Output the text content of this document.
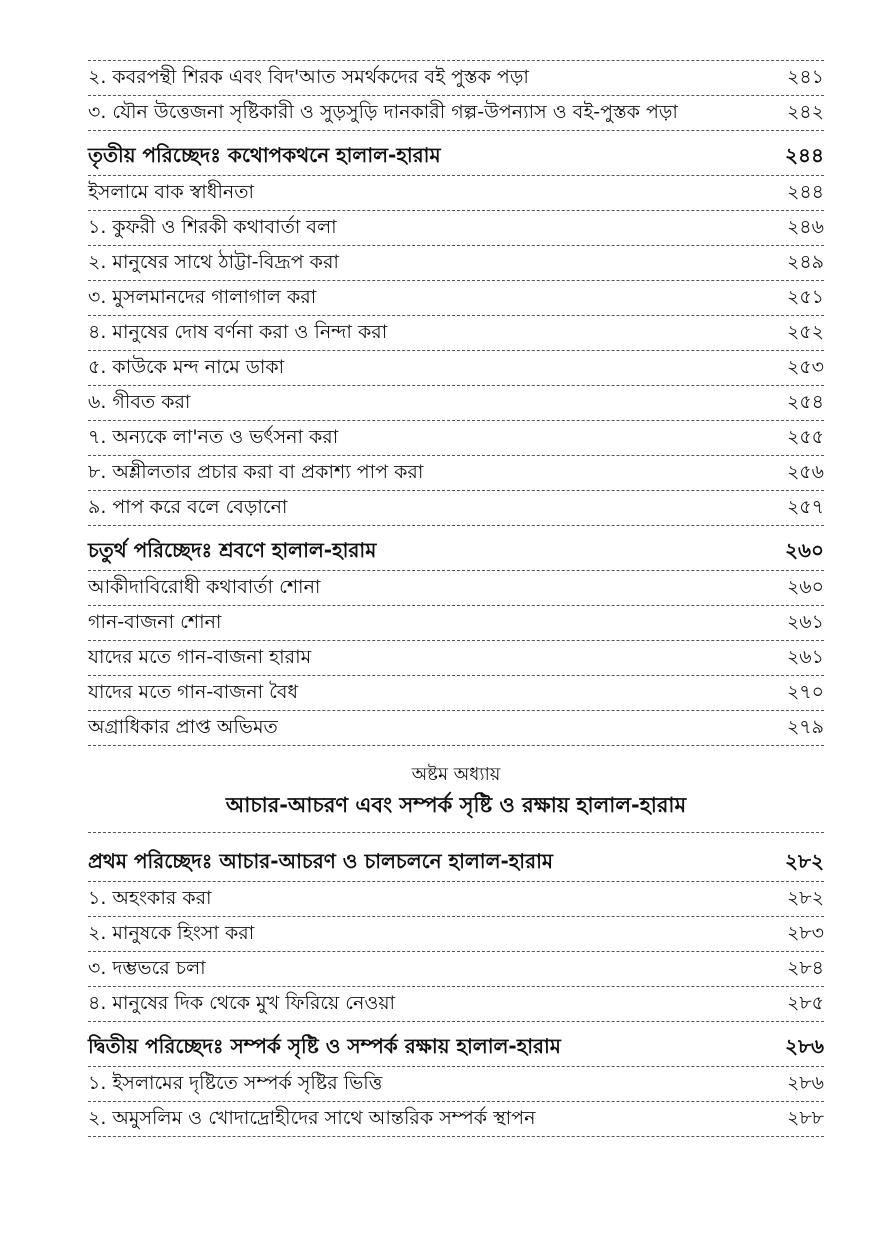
২. কবরপন্থী শিরক এবং বিদ'আত সমর্থকদের বই পুস্তক পড়া	২৪১
৩. যৌন উত্তেজনা সৃষ্টিকারী ও সুড়সুড়ি দানকারী গল্প-উপন্যাস ও বই-পুস্তক পড়া	২৪২
তৃতীয় পরিচ্ছেদঃ কথোপকথনে হালাল-হারাম	২৪৪
ইসলামে বাক স্বাধীনতা	২৪৪
১. কুফরী ও শিরকী কথাবার্তা বলা	২৪৬
২. মানুষের সাথে ঠাট্টা-বিদ্রূপ করা	২৪৯
৩. মুসলমানদের গালাগাল করা	২৫১
৪. মানুষের দোষ বর্ণনা করা ও নিন্দা করা	২৫২
৫. কাউকে মন্দ নামে ডাকা	২৫৩
৬. গীবত করা	২৫৪
৭. অন্যকে লা'নত ও ভর্ৎসনা করা	২৫৫
৮. অশ্লীলতার প্রচার করা বা প্রকাশ্য পাপ করা	২৫৬
৯. পাপ করে বলে বেড়ানো	২৫৭
চতুর্থ পরিচ্ছেদঃ শ্রবণে হালাল-হারাম	২৬০
আকীদাবিরোধী কথাবার্তা শোনা	২৬০
গান-বাজনা শোনা	২৬১
যাদের মতে গান-বাজনা হারাম	২৬১
যাদের মতে গান-বাজনা বৈধ	২৭০
অগ্রাধিকার প্রাপ্ত অভিমত	২৭৯
অষ্টম অধ্যায়
আচার-আচরণ এবং সম্পর্ক সৃষ্টি ও রক্ষায় হালাল-হারাম
প্রথম পরিচ্ছেদঃ আচার-আচরণ ও চালচলনে হালাল-হারাম	২৮২
১. অহংকার করা	২৮২
২. মানুষকে হিংসা করা	২৮৩
৩. দম্ভভরে চলা	২৮৪
৪. মানুষের দিক থেকে মুখ ফিরিয়ে নেওয়া	২৮৫
দ্বিতীয় পরিচ্ছেদঃ সম্পর্ক সৃষ্টি ও সম্পর্ক রক্ষায় হালাল-হারাম	২৮৬
১. ইসলামের দৃষ্টিতে সম্পর্ক সৃষ্টির ভিত্তি	২৮৬
২. অমুসলিম ও খোদাদ্রোহীদের সাথে আন্তরিক সম্পর্ক স্থাপন	২৮৮
